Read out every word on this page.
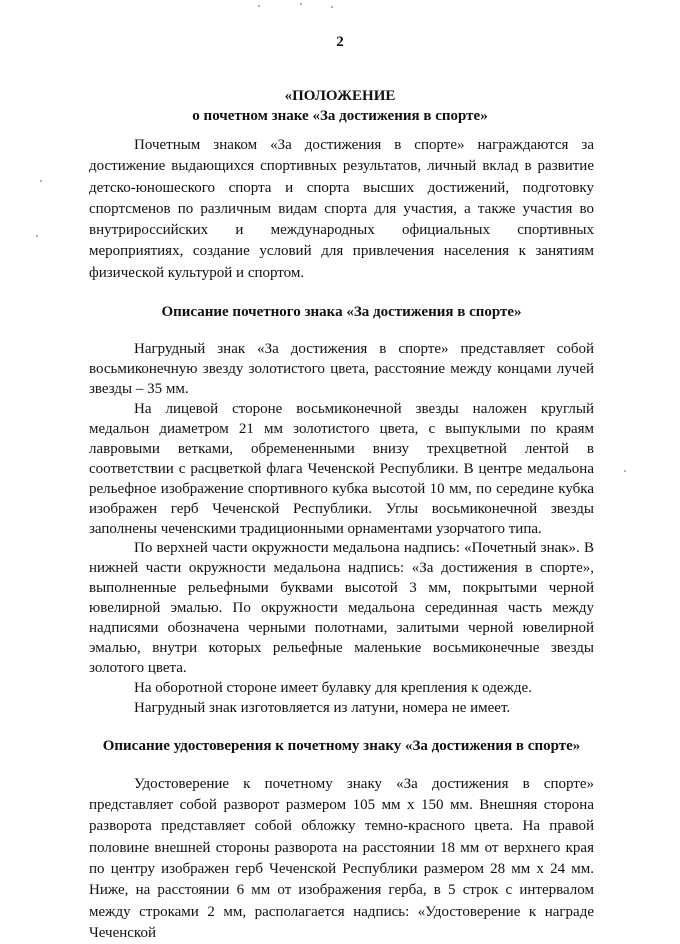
2
«ПОЛОЖЕНИЕ
о почетном знаке «За достижения в спорте»

Почетным знаком «За достижения в спорте» награждаются за достижение выдающихся спортивных результатов, личный вклад в развитие детско-юношеского спорта и спорта высших достижений, подготовку спортсменов по различным видам спорта для участия, а также участия во внутрироссийских и международных официальных спортивных мероприятиях, создание условий для привлечения населения к занятиям физической культурой и спортом.

Описание почетного знака «За достижения в спорте»

Нагрудный знак «За достижения в спорте» представляет собой восьмиконечную звезду золотистого цвета, расстояние между концами лучей звезды – 35 мм.

На лицевой стороне восьмиконечной звезды наложен круглый медальон диаметром 21 мм золотистого цвета, с выпуклыми по краям лавровыми ветками, обремененными внизу трехцветной лентой в соответствии с расцветкой флага Чеченской Республики. В центре медальона рельефное изображение спортивного кубка высотой 10 мм, по середине кубка изображен герб Чеченской Республики. Углы восьмиконечной звезды заполнены чеченскими традиционными орнаментами узорчатого типа.

По верхней части окружности медальона надпись: «Почетный знак». В нижней части окружности медальона надпись: «За достижения в спорте», выполненные рельефными буквами высотой 3 мм, покрытыми черной ювелирной эмалью. По окружности медальона серединная часть между надписями обозначена черными полотнами, залитыми черной ювелирной эмалью, внутри которых рельефные маленькие восьмиконечные звезды золотого цвета.

На оборотной стороне имеет булавку для крепления к одежде.

Нагрудный знак изготовляется из латуни, номера не имеет.

Описание удостоверения к почетному знаку «За достижения в спорте»

Удостоверение к почетному знаку «За достижения в спорте» представляет собой разворот размером 105 мм х 150 мм. Внешняя сторона разворота представляет собой обложку темно-красного цвета. На правой половине внешней стороны разворота на расстоянии 18 мм от верхнего края по центру изображен герб Чеченской Республики размером 28 мм х 24 мм. Ниже, на расстоянии 6 мм от изображения герба, в 5 строк с интервалом между строками 2 мм, располагается надпись: «Удостоверение к награде Чеченской
